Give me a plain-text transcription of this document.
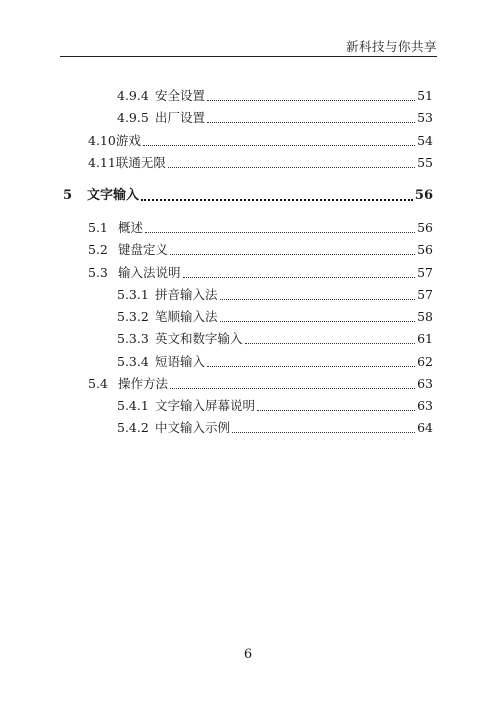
新科技与你共享
4.9.4 安全设置	51
4.9.5 出厂设置	53
4.10游戏	54
4.11联通无限	55
5 文字输入	56
5.1 概述	56
5.2 键盘定义	56
5.3 输入法说明	57
5.3.1 拼音输入法	57
5.3.2 笔顺输入法	58
5.3.3 英文和数字输入	61
5.3.4 短语输入	62
5.4 操作方法	63
5.4.1 文字输入屏幕说明	63
5.4.2 中文输入示例	64
6
